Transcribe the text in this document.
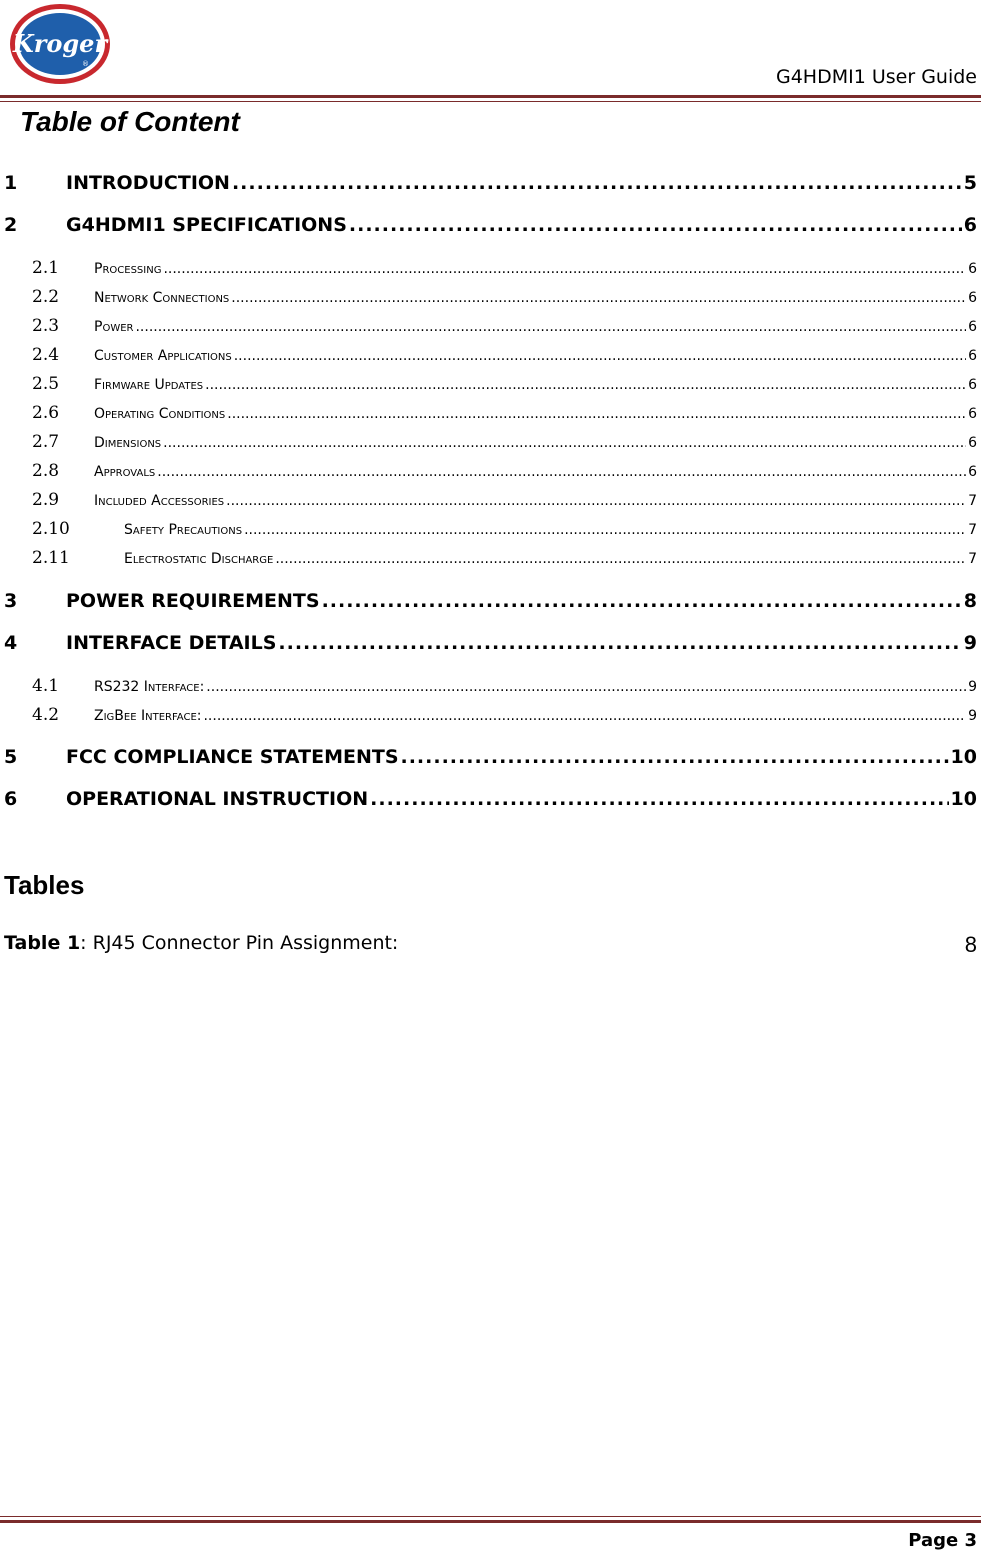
Kroger
®
G4HDMI1 User Guide
Table of Content
1	INTRODUCTION .....	5
2	G4HDMI1 SPECIFICATIONS .....	6
2.1	Processing .....	6
2.2	Network Connections .....	6
2.3	Power .....	6
2.4	Customer Applications .....	6
2.5	Firmware Updates .....	6
2.6	Operating Conditions .....	6
2.7	Dimensions .....	6
2.8	Approvals .....	6
2.9	Included Accessories .....	7
2.10	Safety Precautions .....	7
2.11	Electrostatic Discharge .....	7
3	POWER REQUIREMENTS .....	8
4	INTERFACE DETAILS .....	9
4.1	RS232 Interface: .....	9
4.2	ZigBee Interface: .....	9
5	FCC COMPLIANCE STATEMENTS .....	10
6	OPERATIONAL INSTRUCTION .....	10
Tables
Table 1: RJ45 Connector Pin Assignment:	8
Page 3
